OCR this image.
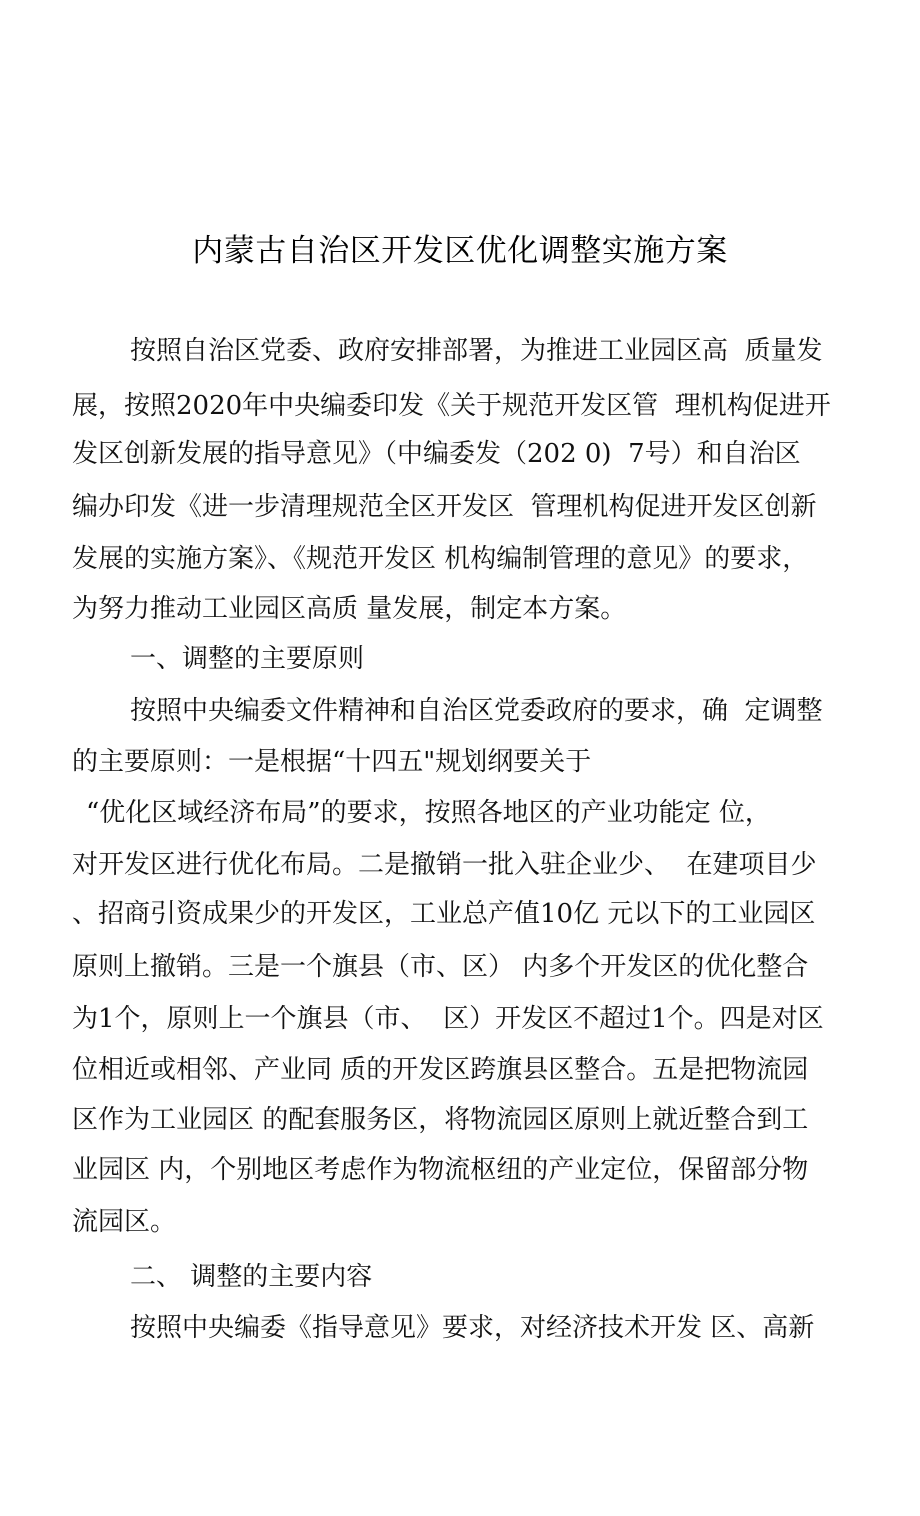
内蒙古自治区开发区优化调整实施方案
按照自治区党委、政府安排部署，为推进工业园区高  质量发
展，按照2020年中央编委印发《关于规范开发区管  理机构促进开
发区创新发展的指导意见》（中编委发（202 0)  7号）和自治区
编办印发《进一步清理规范全区开发区  管理机构促进开发区创新
发展的实施方案》、《规范开发区 机构编制管理的意见》的要求，
为努力推动工业园区高质 量发展，制定本方案。
一、调整的主要原则
按照中央编委文件精神和自治区党委政府的要求，确  定调整
的主要原则：一是根据“十四五"规划纲要关于
“优化区域经济布局”的要求，按照各地区的产业功能定 位，
对开发区进行优化布局。二是撤销一批入驻企业少、  在建项目少
、招商引资成果少的开发区，工业总产值10亿 元以下的工业园区
原则上撤销。三是一个旗县（市、区） 内多个开发区的优化整合
为1个，原则上一个旗县（市、  区）开发区不超过1个。四是对区
位相近或相邻、产业同 质的开发区跨旗县区整合。五是把物流园
区作为工业园区 的配套服务区，将物流园区原则上就近整合到工
业园区 内，个别地区考虑作为物流枢纽的产业定位，保留部分物
流园区。
二、 调整的主要内容
按照中央编委《指导意见》要求，对经济技术开发 区、高新
